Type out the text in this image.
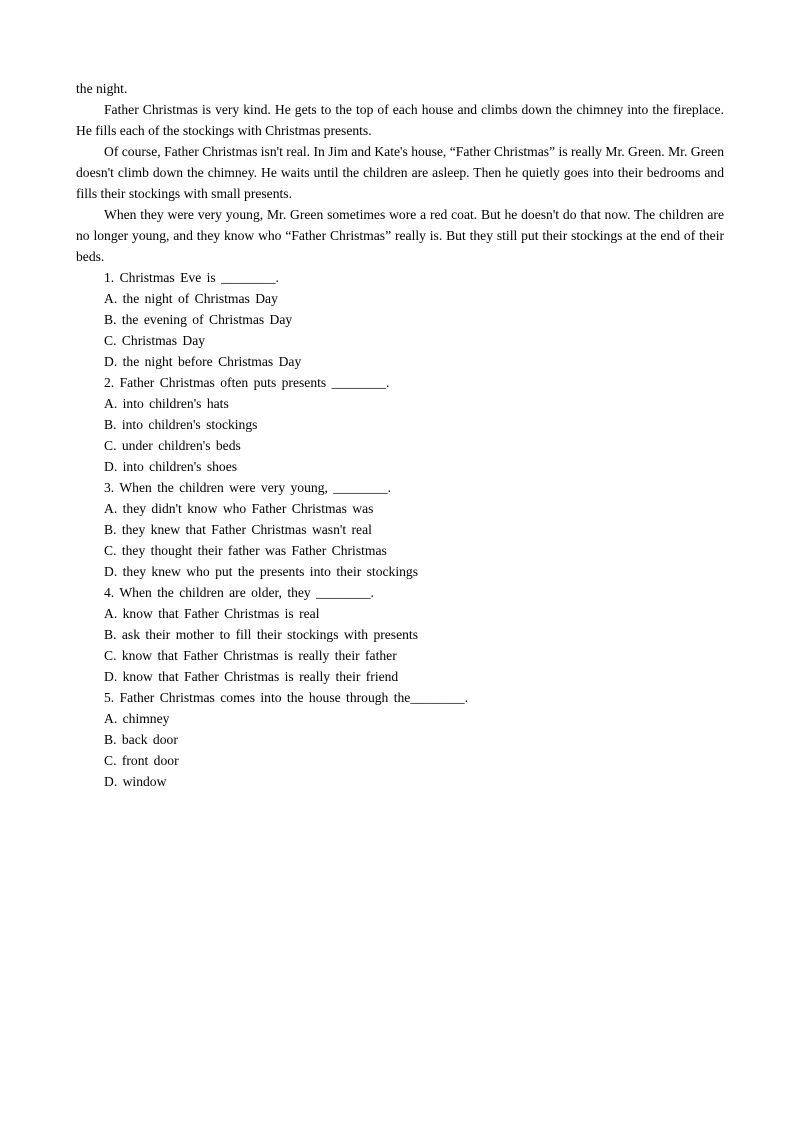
the night.

Father Christmas is very kind. He gets to the top of each house and climbs down the chimney into the fireplace. He fills each of the stockings with Christmas presents.

Of course, Father Christmas isn't real. In Jim and Kate's house, “Father Christmas” is really Mr. Green. Mr. Green doesn't climb down the chimney. He waits until the children are asleep. Then he quietly goes into their bedrooms and fills their stockings with small presents.

When they were very young, Mr. Green sometimes wore a red coat. But he doesn't do that now. The children are no longer young, and they know who “Father Christmas” really is. But they still put their stockings at the end of their beds.

1. Christmas Eve is ________.

A. the night of Christmas Day

B. the evening of Christmas Day

C. Christmas Day

D. the night before Christmas Day

2. Father Christmas often puts presents ________.

A. into children's hats

B. into children's stockings

C. under children's beds

D. into children's shoes

3. When the children were very young, ________.

A. they didn't know who Father Christmas was

B. they knew that Father Christmas wasn't real

C. they thought their father was Father Christmas

D. they knew who put the presents into their stockings

4. When the children are older, they ________.

A. know that Father Christmas is real

B. ask their mother to fill their stockings with presents

C. know that Father Christmas is really their father

D. know that Father Christmas is really their friend

5. Father Christmas comes into the house through the________.

A. chimney

B. back door

C. front door

D. window
